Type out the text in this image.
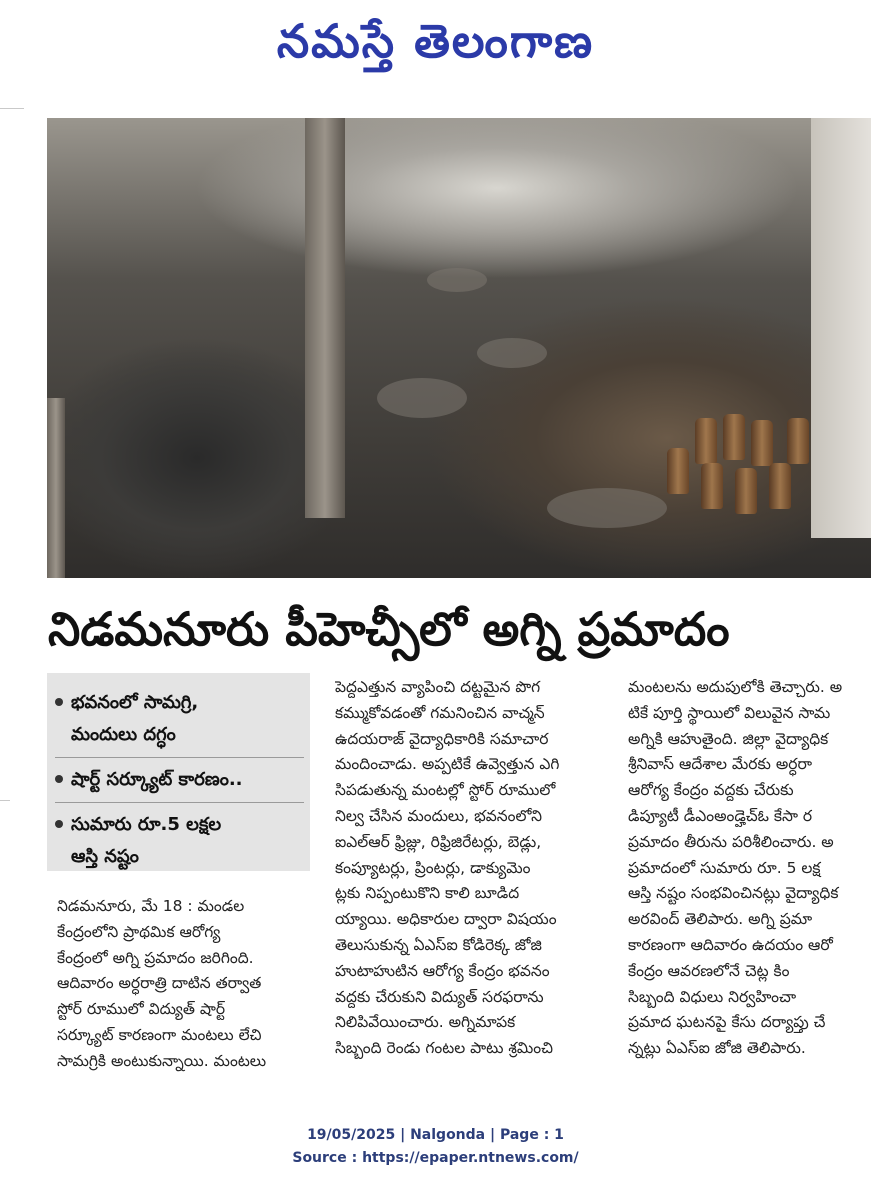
నమస్తే తెలంగాణ
నిడమనూరు పీహెచ్సీలో అగ్ని ప్రమాదం
భవనంలో సామగ్రి,
మందులు దగ్ధం
షార్ట్ సర్క్యూట్ కారణం..
సుమారు రూ.5 లక్షల
ఆస్తి నష్టం
నిడమనూరు, మే 18 : మండల
కేంద్రంలోని ప్రాథమిక ఆరోగ్య
కేంద్రంలో అగ్ని ప్రమాదం జరిగింది.
ఆదివారం అర్ధరాత్రి దాటిన తర్వాత
స్టోర్ రూములో విద్యుత్ షార్ట్
సర్క్యూట్ కారణంగా మంటలు లేచి
సామగ్రికి అంటుకున్నాయి. మంటలు
పెద్దఎత్తున వ్యాపించి దట్టమైన పొగ
కమ్ముకోవడంతో గమనించిన వాచ్మన్
ఉదయరాజ్ వైద్యాధికారికి సమాచార
మందించాడు. అప్పటికే ఉవ్వెత్తున ఎగి
సిపడుతున్న మంటల్లో స్టోర్ రూములో
నిల్వ చేసిన మందులు, భవనంలోని
ఐఎల్ఆర్ ఫ్రిజ్లు, రిఫ్రిజిరేటర్లు, బెడ్లు,
కంప్యూటర్లు, ప్రింటర్లు, డాక్యుమెం
ట్లకు నిప్పంటుకొని కాలి బూడిద
య్యాయి. అధికారుల ద్వారా విషయం
తెలుసుకున్న ఏఎస్ఐ కోడిరెక్క జోజి
హుటాహుటిన ఆరోగ్య కేంద్రం భవనం
వద్దకు చేరుకుని విద్యుత్ సరఫరాను
నిలిపివేయించారు. అగ్నిమాపక
సిబ్బంది రెండు గంటల పాటు శ్రమించి
మంటలను అదుపులోకి తెచ్చారు. అ
టికే పూర్తి స్థాయిలో విలువైన సామ
అగ్నికి ఆహుతైంది. జిల్లా వైద్యాధిక
శ్రీనివాస్ ఆదేశాల మేరకు అర్ధరా
ఆరోగ్య కేంద్రం వద్దకు చేరుకు
డిప్యూటీ డీఎంఅండ్హెచ్ఓ కేసా ర
ప్రమాదం తీరును పరిశీలించారు. అ
ప్రమాదంలో సుమారు రూ. 5 లక్ష
ఆస్తి నష్టం సంభవించినట్లు వైద్యాధిక
అరవింద్ తెలిపారు. అగ్ని ప్రమా
కారణంగా ఆదివారం ఉదయం ఆరో
కేంద్రం ఆవరణలోనే చెట్ల కిం
సిబ్బంది విధులు నిర్వహించా
ప్రమాద ఘటనపై కేసు దర్యాప్తు చే
న్నట్లు ఏఎస్ఐ జోజి తెలిపారు.
19/05/2025 | Nalgonda | Page : 1
Source : https://epaper.ntnews.com/
